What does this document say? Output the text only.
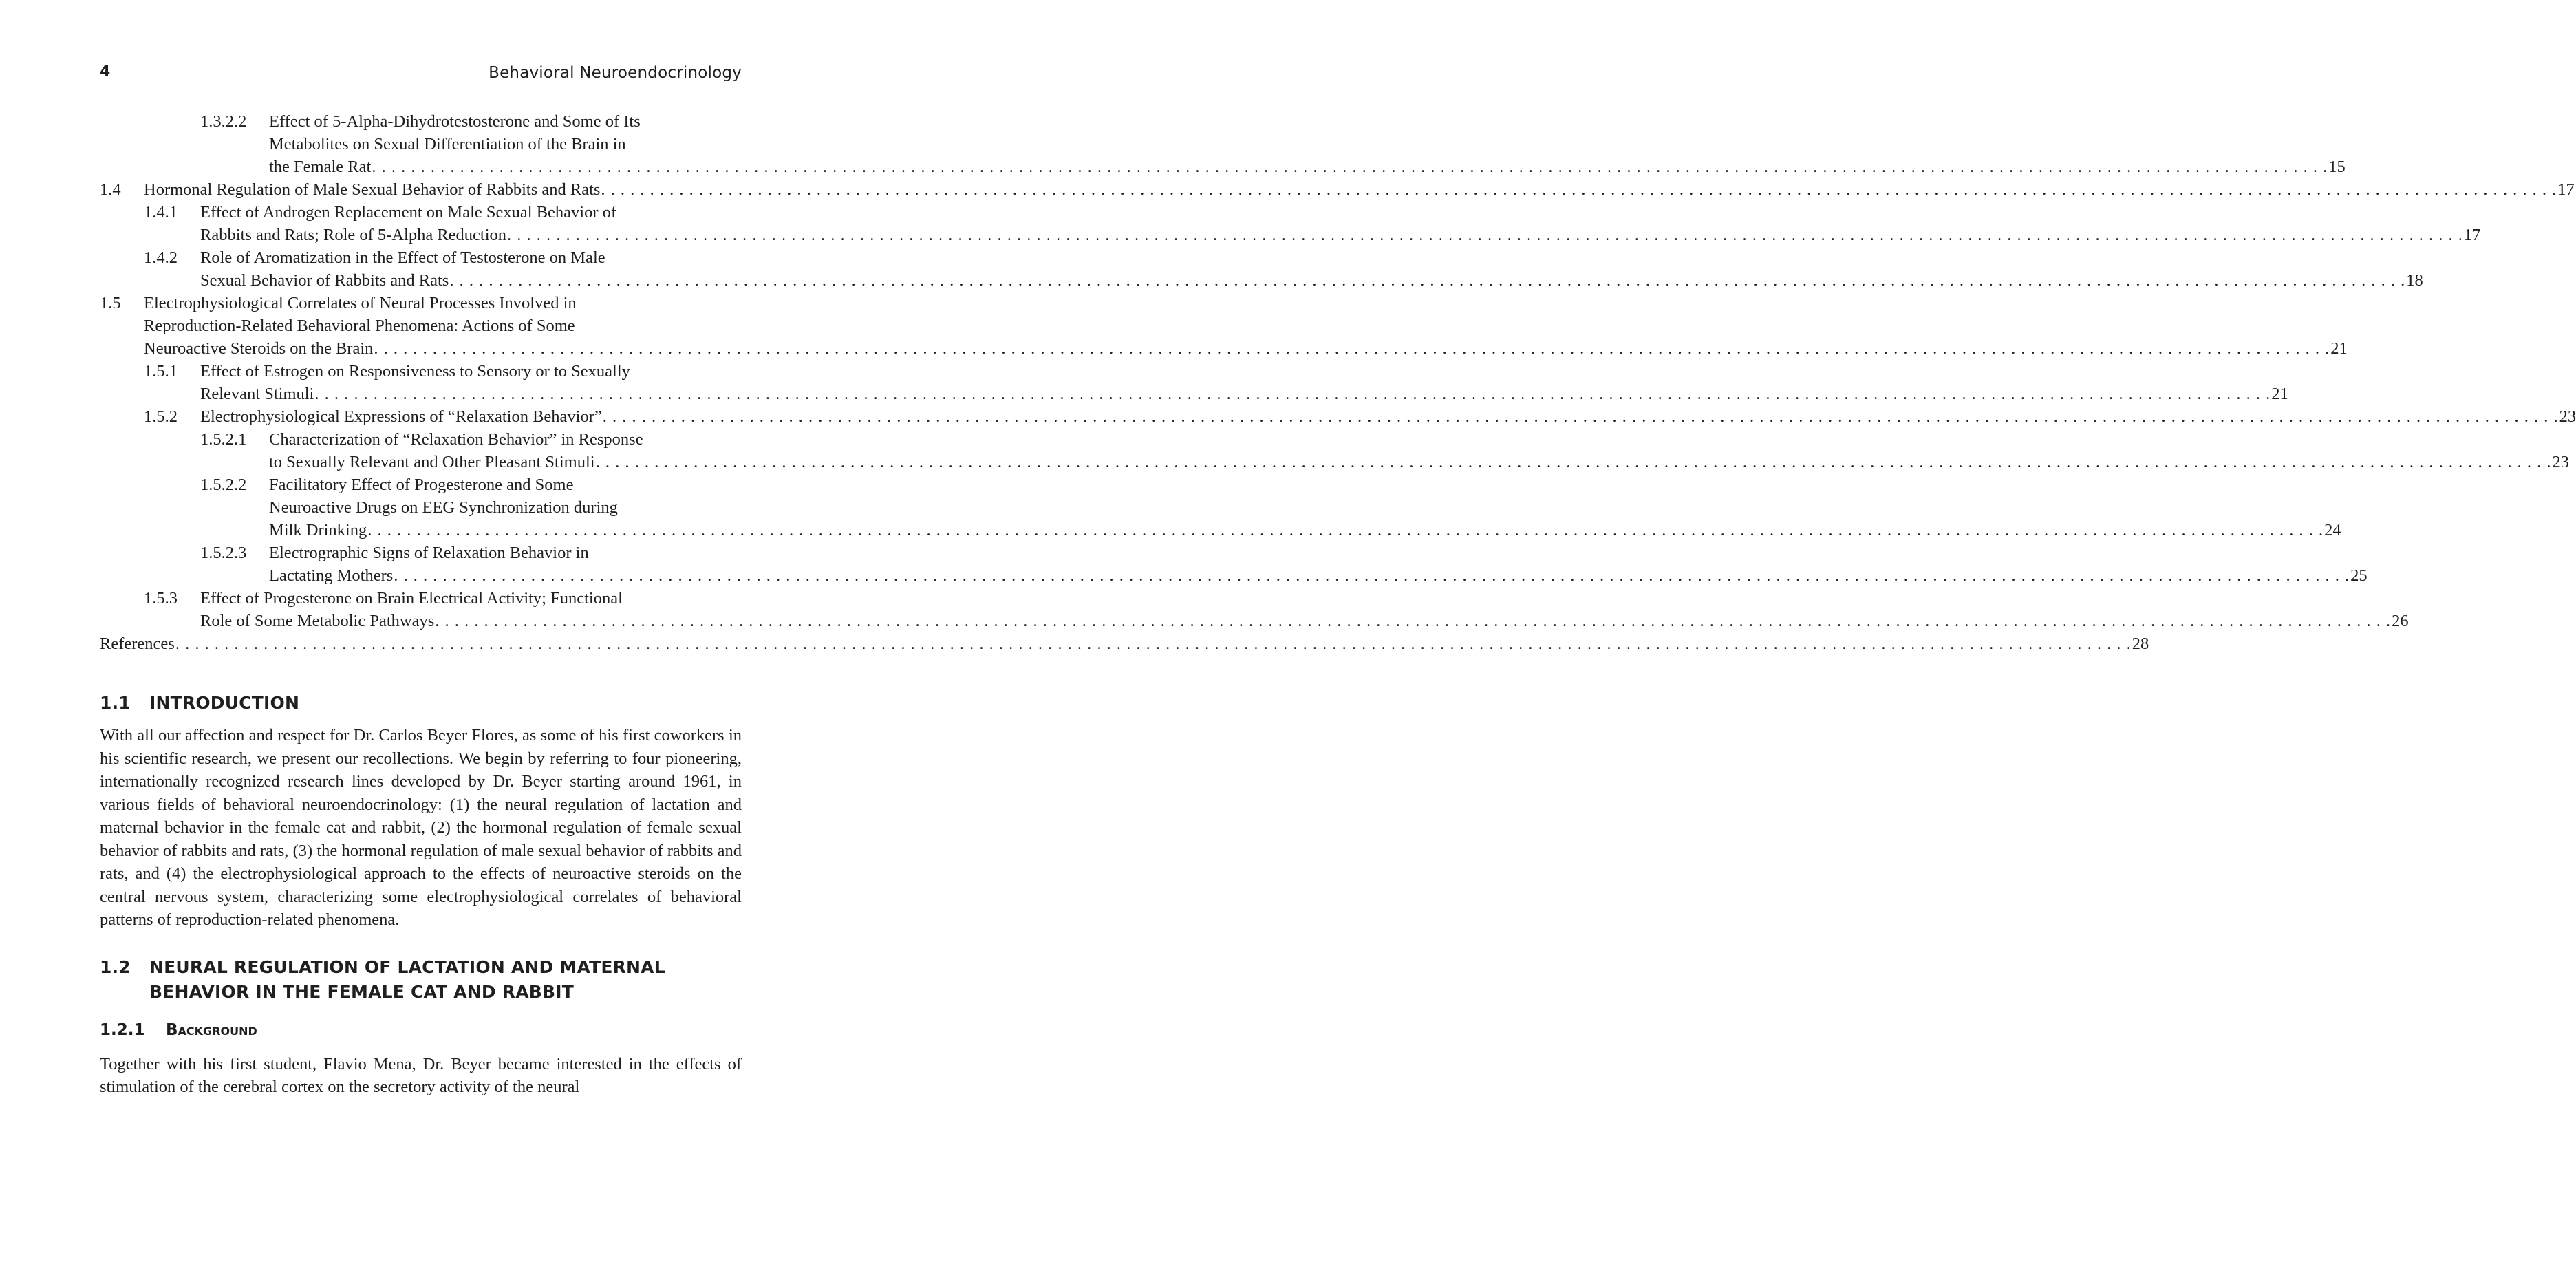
4	Behavioral Neuroendocrinology
1.3.2.2 Effect of 5-Alpha-Dihydrotestosterone and Some of Its
Metabolites on Sexual Differentiation of the Brain in
the Female Rat . . . . . . . . . . . . . . . . . . . . . . . . . . . . . . . . . . . . . . . . . . . . . . . . . . . . . . . . . . . . . . . . . . . . . . . . . . . . . . . . . . . . . . . . . . . . . . . . . . . . . . . . . . . . . . . . . . . . . . . . . . . . . . . . . . . . . . . . . . . . . . . . . . . . . . . . . . . . . . . . . . . . . . . . . . . . . . . . . . . . . . . . . . . . . . . . . . . . . . . . 15
1.4 Hormonal Regulation of Male Sexual Behavior of Rabbits and Rats . . . . . . . . . . . . . . . . . . . . . . . . . . . . . . . . . . . . . . . . . . . . . . . . . . . . . . . . . . . . . . . . . . . . . . . . . . . . . . . . . . . . . . . . . . . . . . . . . . . . . . . . . . . . . . . . . . . . . . . . . . . . . . . . . . . . . . . . . . . . . . . . . . . . . . . . . . . . . . . . . . . . . . . . . . . . . . . . . . . . . . . . . . . . . . . . . . . . . . . . 17
1.4.1 Effect of Androgen Replacement on Male Sexual Behavior of
Rabbits and Rats; Role of 5-Alpha Reduction . . . . . . . . . . . . . . . . . . . . . . . . . . . . . . . . . . . . . . . . . . . . . . . . . . . . . . . . . . . . . . . . . . . . . . . . . . . . . . . . . . . . . . . . . . . . . . . . . . . . . . . . . . . . . . . . . . . . . . . . . . . . . . . . . . . . . . . . . . . . . . . . . . . . . . . . . . . . . . . . . . . . . . . . . . . . . . . . . . . . . . . . . . . . . . . . . . . . . . . . 17
1.4.2 Role of Aromatization in the Effect of Testosterone on Male
Sexual Behavior of Rabbits and Rats . . . . . . . . . . . . . . . . . . . . . . . . . . . . . . . . . . . . . . . . . . . . . . . . . . . . . . . . . . . . . . . . . . . . . . . . . . . . . . . . . . . . . . . . . . . . . . . . . . . . . . . . . . . . . . . . . . . . . . . . . . . . . . . . . . . . . . . . . . . . . . . . . . . . . . . . . . . . . . . . . . . . . . . . . . . . . . . . . . . . . . . . . . . . . . . . . . . . . . . . 18
1.5 Electrophysiological Correlates of Neural Processes Involved in
Reproduction-Related Behavioral Phenomena: Actions of Some
Neuroactive Steroids on the Brain . . . . . . . . . . . . . . . . . . . . . . . . . . . . . . . . . . . . . . . . . . . . . . . . . . . . . . . . . . . . . . . . . . . . . . . . . . . . . . . . . . . . . . . . . . . . . . . . . . . . . . . . . . . . . . . . . . . . . . . . . . . . . . . . . . . . . . . . . . . . . . . . . . . . . . . . . . . . . . . . . . . . . . . . . . . . . . . . . . . . . . . . . . . . . . . . . . . . . . . . 21
1.5.1 Effect of Estrogen on Responsiveness to Sensory or to Sexually
Relevant Stimuli . . . . . . . . . . . . . . . . . . . . . . . . . . . . . . . . . . . . . . . . . . . . . . . . . . . . . . . . . . . . . . . . . . . . . . . . . . . . . . . . . . . . . . . . . . . . . . . . . . . . . . . . . . . . . . . . . . . . . . . . . . . . . . . . . . . . . . . . . . . . . . . . . . . . . . . . . . . . . . . . . . . . . . . . . . . . . . . . . . . . . . . . . . . . . . . . . . . . . . . . 21
1.5.2 Electrophysiological Expressions of “Relaxation Behavior” . . . . . . . . . . . . . . . . . . . . . . . . . . . . . . . . . . . . . . . . . . . . . . . . . . . . . . . . . . . . . . . . . . . . . . . . . . . . . . . . . . . . . . . . . . . . . . . . . . . . . . . . . . . . . . . . . . . . . . . . . . . . . . . . . . . . . . . . . . . . . . . . . . . . . . . . . . . . . . . . . . . . . . . . . . . . . . . . . . . . . . . . . . . . . . . . . . . . . . . . 23
1.5.2.1 Characterization of “Relaxation Behavior” in Response
to Sexually Relevant and Other Pleasant Stimuli . . . . . . . . . . . . . . . . . . . . . . . . . . . . . . . . . . . . . . . . . . . . . . . . . . . . . . . . . . . . . . . . . . . . . . . . . . . . . . . . . . . . . . . . . . . . . . . . . . . . . . . . . . . . . . . . . . . . . . . . . . . . . . . . . . . . . . . . . . . . . . . . . . . . . . . . . . . . . . . . . . . . . . . . . . . . . . . . . . . . . . . . . . . . . . . . . . . . . . . . 23
1.5.2.2 Facilitatory Effect of Progesterone and Some
Neuroactive Drugs on EEG Synchronization during
Milk Drinking . . . . . . . . . . . . . . . . . . . . . . . . . . . . . . . . . . . . . . . . . . . . . . . . . . . . . . . . . . . . . . . . . . . . . . . . . . . . . . . . . . . . . . . . . . . . . . . . . . . . . . . . . . . . . . . . . . . . . . . . . . . . . . . . . . . . . . . . . . . . . . . . . . . . . . . . . . . . . . . . . . . . . . . . . . . . . . . . . . . . . . . . . . . . . . . . . . . . . . . . 24
1.5.2.3 Electrographic Signs of Relaxation Behavior in
Lactating Mothers . . . . . . . . . . . . . . . . . . . . . . . . . . . . . . . . . . . . . . . . . . . . . . . . . . . . . . . . . . . . . . . . . . . . . . . . . . . . . . . . . . . . . . . . . . . . . . . . . . . . . . . . . . . . . . . . . . . . . . . . . . . . . . . . . . . . . . . . . . . . . . . . . . . . . . . . . . . . . . . . . . . . . . . . . . . . . . . . . . . . . . . . . . . . . . . . . . . . . . . . 25
1.5.3 Effect of Progesterone on Brain Electrical Activity; Functional
Role of Some Metabolic Pathways . . . . . . . . . . . . . . . . . . . . . . . . . . . . . . . . . . . . . . . . . . . . . . . . . . . . . . . . . . . . . . . . . . . . . . . . . . . . . . . . . . . . . . . . . . . . . . . . . . . . . . . . . . . . . . . . . . . . . . . . . . . . . . . . . . . . . . . . . . . . . . . . . . . . . . . . . . . . . . . . . . . . . . . . . . . . . . . . . . . . . . . . . . . . . . . . . . . . . . . . 26
References . . . . . . . . . . . . . . . . . . . . . . . . . . . . . . . . . . . . . . . . . . . . . . . . . . . . . . . . . . . . . . . . . . . . . . . . . . . . . . . . . . . . . . . . . . . . . . . . . . . . . . . . . . . . . . . . . . . . . . . . . . . . . . . . . . . . . . . . . . . . . . . . . . . . . . . . . . . . . . . . . . . . . . . . . . . . . . . . . . . . . . . . . . . . . . . . . . . . . . . . 28
1.1 INTRODUCTION

With all our affection and respect for Dr. Carlos Beyer Flores, as some of his first coworkers in his scientific research, we present our recollections. We begin by referring to four pioneering, internationally recognized research lines developed by Dr. Beyer starting around 1961, in various fields of behavioral neuroendocrinology: (1) the neural regulation of lactation and maternal behavior in the female cat and rabbit, (2) the hormonal regulation of female sexual behavior of rabbits and rats, (3) the hormonal regulation of male sexual behavior of rabbits and rats, and (4) the electrophysiological approach to the effects of neuroactive steroids on the central nervous system, characterizing some electrophysiological correlates of behavioral patterns of reproduction-related phenomena.

1.2 NEURAL REGULATION OF LACTATION AND MATERNAL BEHAVIOR IN THE FEMALE CAT AND RABBIT
1.2.1 Background

Together with his first student, Flavio Mena, Dr. Beyer became interested in the effects of stimulation of the cerebral cortex on the secretory activity of the neural
